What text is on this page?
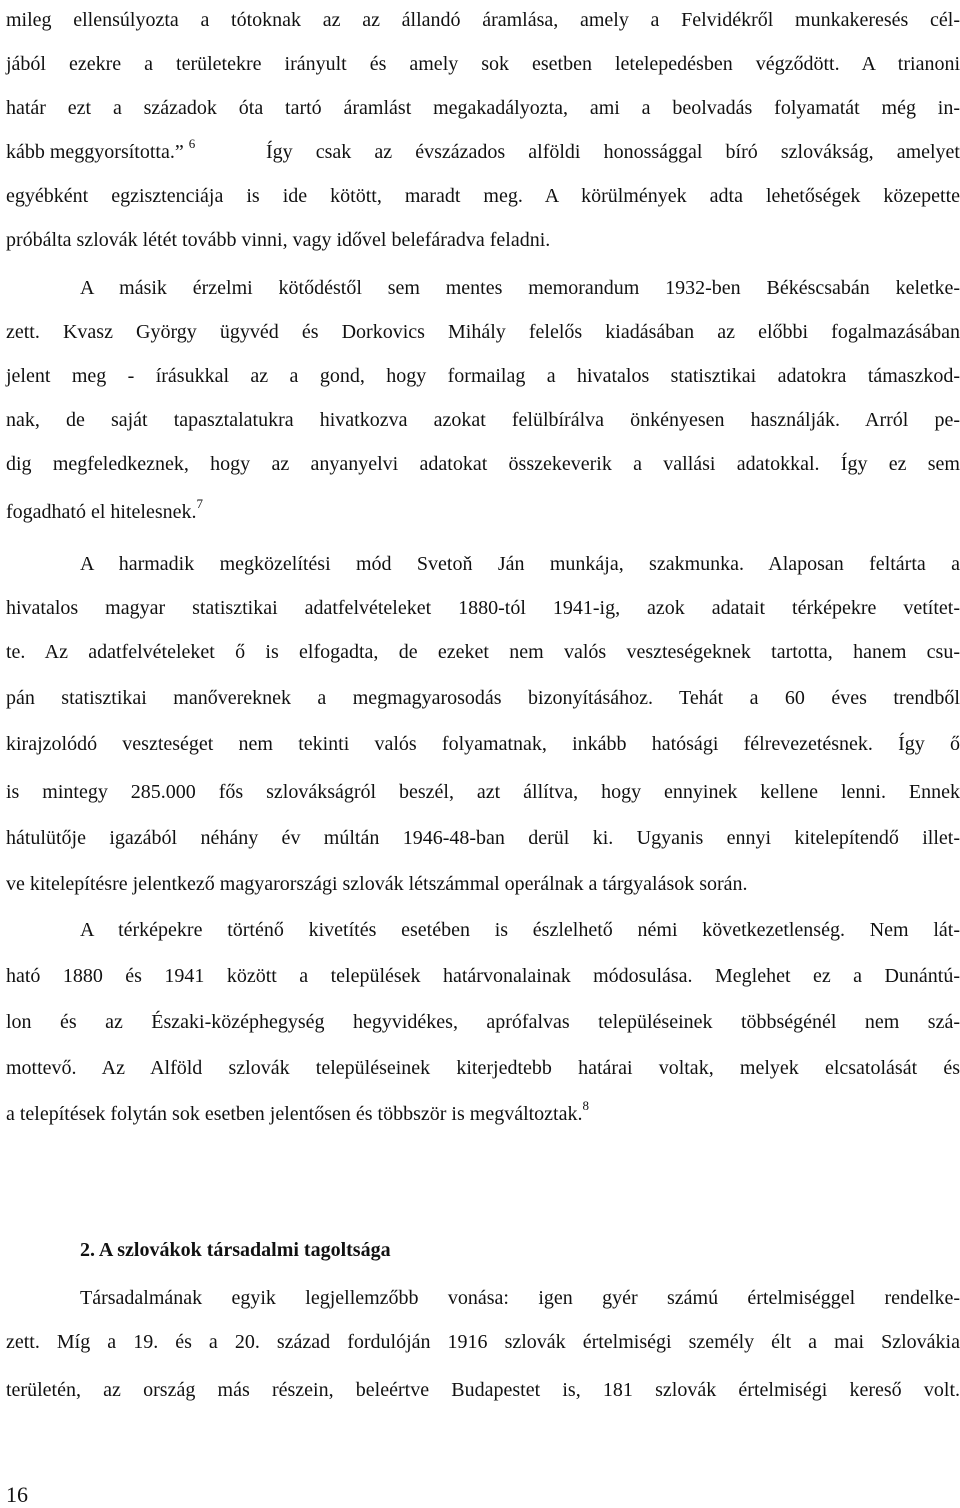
mileg ellensúlyozta a tótoknak az az állandó áramlása, amely a Felvidékről munkakeresés cél-
jából ezekre a területekre irányult és amely sok esetben letelepedésben végződött. A trianoni
határ ezt a századok óta tartó áramlást megakadályozta, ami a beolvadás folyamatát még in-
kább meggyorsította.” $^6$	Így csak az évszázados alföldi honossággal bíró szlovákság, amelyet
egyébként egzisztenciája is ide kötött, maradt meg. A körülmények adta lehetőségek közepette
próbálta szlovák létét tovább vinni, vagy idővel belefáradva feladni.
A másik érzelmi kötődéstől sem mentes memorandum 1932-ben Békéscsabán keletke-
zett. Kvasz György ügyvéd és Dorkovics Mihály felelős kiadásában az előbbi fogalmazásában
jelent meg - írásukkal az a gond, hogy formailag a hivatalos statisztikai adatokra támaszkod-
nak, de saját tapasztalatukra hivatkozva azokat felülbírálva önkényesen használják. Arról pe-
dig megfeledkeznek, hogy az anyanyelvi adatokat összekeverik a vallási adatokkal. Így ez sem
fogadható el hitelesnek.$^7$
A harmadik megközelítési mód Svetoň Ján munkája, szakmunka. Alaposan feltárta a
hivatalos magyar statisztikai adatfelvételeket 1880-tól 1941-ig, azok adatait térképekre vetítet-
te. Az adatfelvételeket ő is elfogadta, de ezeket nem valós veszteségeknek tartotta, hanem csu-
pán statisztikai manővereknek a megmagyarosodás bizonyításához. Tehát a 60 éves trendből
kirajzolódó veszteséget nem tekinti valós folyamatnak, inkább hatósági félrevezetésnek. Így ő
is mintegy 285.000 fős szlovákságról beszél, azt állítva, hogy ennyinek kellene lenni. Ennek
hátulütője igazából néhány év múltán 1946-48-ban derül ki. Ugyanis ennyi kitelepítendő illet-
ve kitelepítésre jelentkező magyarországi szlovák létszámmal operálnak a tárgyalások során.
A térképekre történő kivetítés esetében is észlelhető némi következetlenség. Nem lát-
ható 1880 és 1941 között a települések határvonalainak módosulása. Meglehet ez a Dunántú-
lon és az Északi-középhegység hegyvidékes, aprófalvas településeinek többségénél nem szá-
mottevő. Az Alföld szlovák településeinek kiterjedtebb határai voltak, melyek elcsatolását és
a telepítések folytán sok esetben jelentősen és többször is megváltoztak.$^8$
2. A szlovákok társadalmi tagoltsága
Társadalmának egyik legjellemzőbb vonása: igen gyér számú értelmiséggel rendelke-
zett. Míg a 19. és a 20. század fordulóján 1916 szlovák értelmiségi személy élt a mai Szlovákia
területén, az ország más részein, beleértve Budapestet is, 181 szlovák értelmiségi kereső volt.
16
